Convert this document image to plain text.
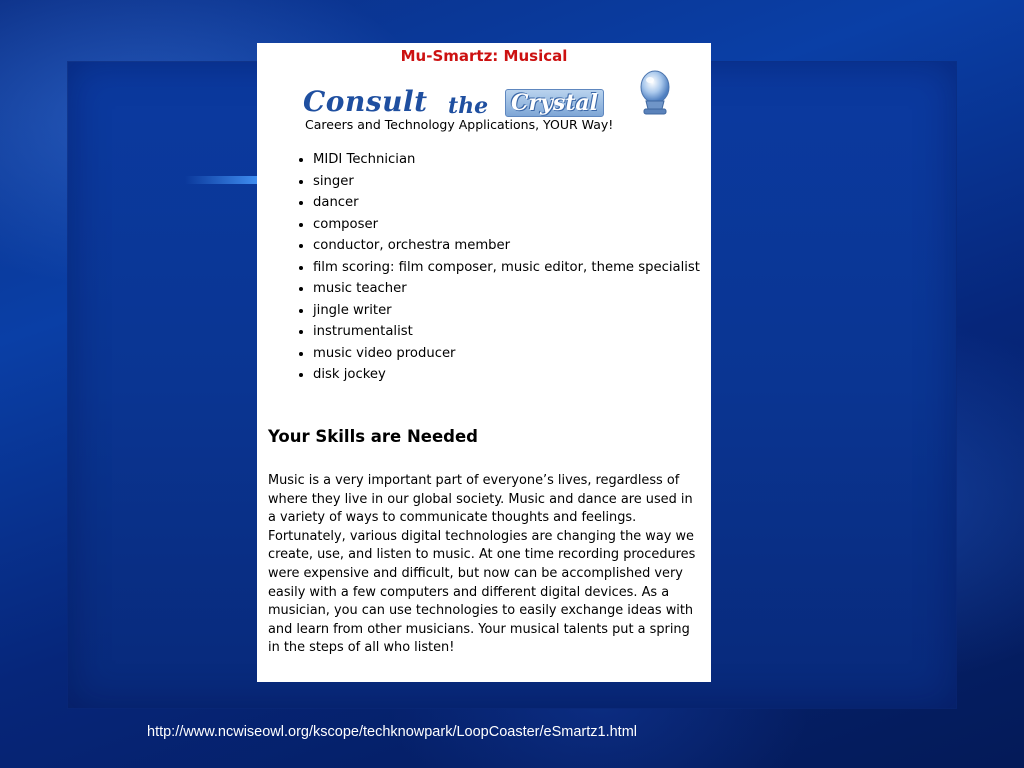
Mu-Smartz: Musical
Consult the Crystal
Careers and Technology Applications, YOUR Way!
• MIDI Technician
• singer
• dancer
• composer
• conductor, orchestra member
• film scoring: film composer, music editor, theme specialist
• music teacher
• jingle writer
• instrumentalist
• music video producer
• disk jockey
Your Skills are Needed
Music is a very important part of everyone’s lives, regardless of where they live in our global society. Music and dance are used in a variety of ways to communicate thoughts and feelings. Fortunately, various digital technologies are changing the way we create, use, and listen to music. At one time recording procedures were expensive and difficult, but now can be accomplished very easily with a few computers and different digital devices. As a musician, you can use technologies to easily exchange ideas with and learn from other musicians. Your musical talents put a spring in the steps of all who listen!
http://www.ncwiseowl.org/kscope/techknowpark/LoopCoaster/eSmartz1.html
